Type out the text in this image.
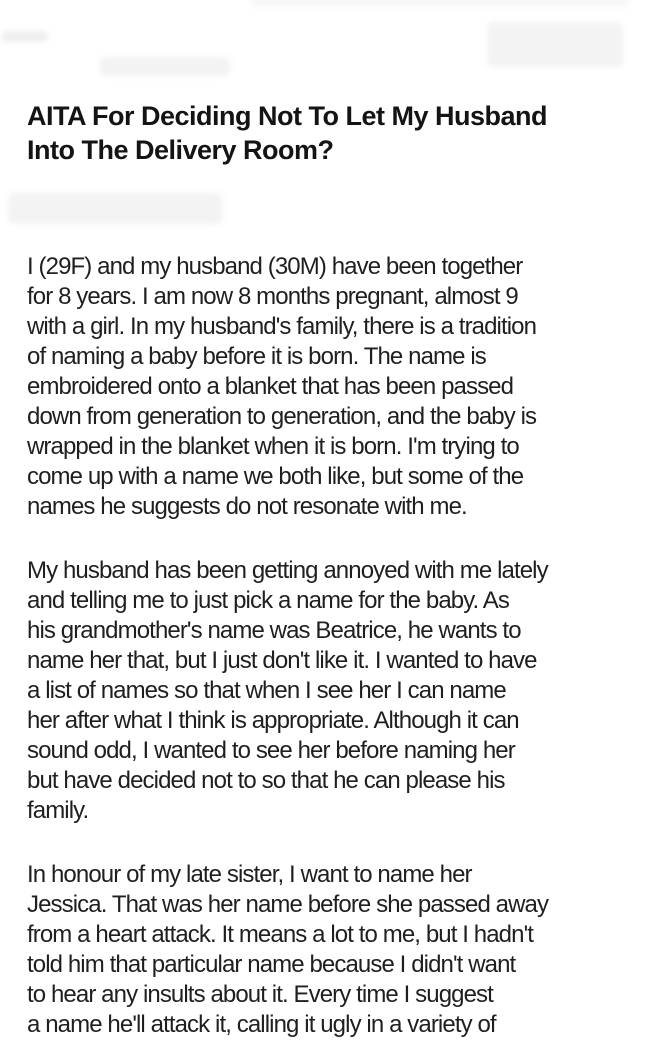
AITA For Deciding Not To Let My Husband
Into The Delivery Room?
I (29F) and my husband (30M) have been together
for 8 years. I am now 8 months pregnant, almost 9
with a girl. In my husband's family, there is a tradition
of naming a baby before it is born. The name is
embroidered onto a blanket that has been passed
down from generation to generation, and the baby is
wrapped in the blanket when it is born. I'm trying to
come up with a name we both like, but some of the
names he suggests do not resonate with me.
My husband has been getting annoyed with me lately
and telling me to just pick a name for the baby. As
his grandmother's name was Beatrice, he wants to
name her that, but I just don't like it. I wanted to have
a list of names so that when I see her I can name
her after what I think is appropriate. Although it can
sound odd, I wanted to see her before naming her
but have decided not to so that he can please his
family.
In honour of my late sister, I want to name her
Jessica. That was her name before she passed away
from a heart attack. It means a lot to me, but I hadn't
told him that particular name because I didn't want
to hear any insults about it. Every time I suggest
a name he'll attack it, calling it ugly in a variety of
